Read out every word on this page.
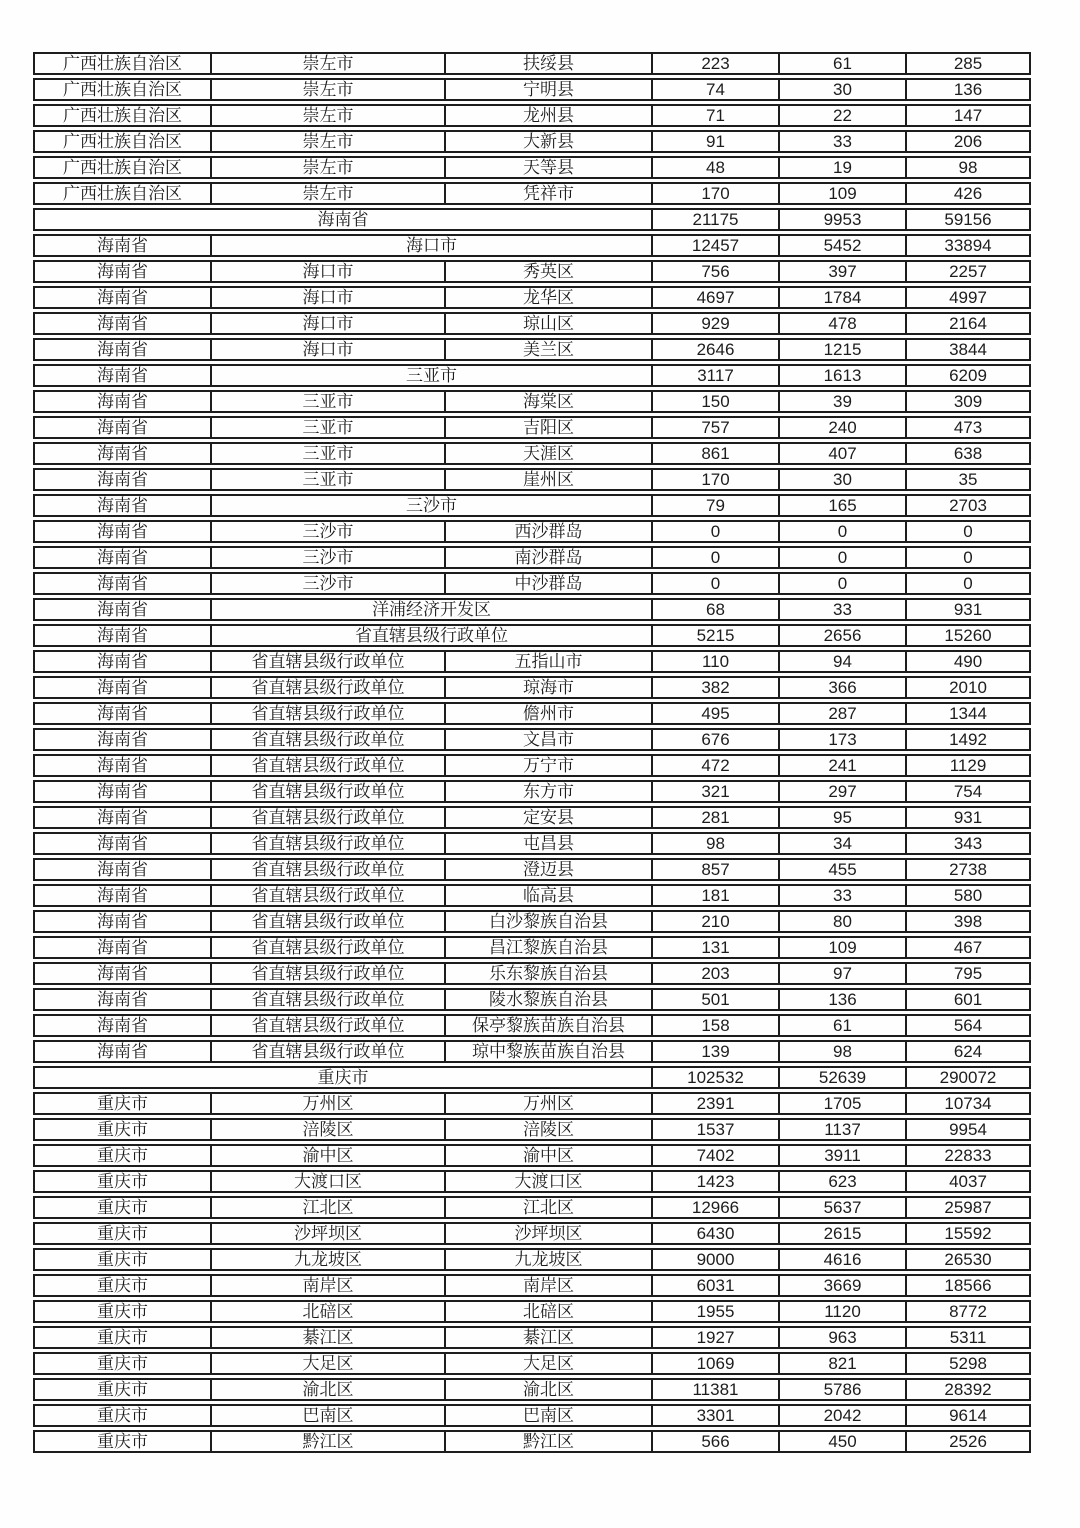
广西壮族自治区	崇左市	扶绥县	223	61	285
广西壮族自治区	崇左市	宁明县	74	30	136
广西壮族自治区	崇左市	龙州县	71	22	147
广西壮族自治区	崇左市	大新县	91	33	206
广西壮族自治区	崇左市	天等县	48	19	98
广西壮族自治区	崇左市	凭祥市	170	109	426
海南省			21175	9953	59156
海南省	海口市		12457	5452	33894
海南省	海口市	秀英区	756	397	2257
海南省	海口市	龙华区	4697	1784	4997
海南省	海口市	琼山区	929	478	2164
海南省	海口市	美兰区	2646	1215	3844
海南省	三亚市		3117	1613	6209
海南省	三亚市	海棠区	150	39	309
海南省	三亚市	吉阳区	757	240	473
海南省	三亚市	天涯区	861	407	638
海南省	三亚市	崖州区	170	30	35
海南省	三沙市		79	165	2703
海南省	三沙市	西沙群岛	0	0	0
海南省	三沙市	南沙群岛	0	0	0
海南省	三沙市	中沙群岛	0	0	0
海南省	洋浦经济开发区		68	33	931
海南省	省直辖县级行政单位		5215	2656	15260
海南省	省直辖县级行政单位	五指山市	110	94	490
海南省	省直辖县级行政单位	琼海市	382	366	2010
海南省	省直辖县级行政单位	儋州市	495	287	1344
海南省	省直辖县级行政单位	文昌市	676	173	1492
海南省	省直辖县级行政单位	万宁市	472	241	1129
海南省	省直辖县级行政单位	东方市	321	297	754
海南省	省直辖县级行政单位	定安县	281	95	931
海南省	省直辖县级行政单位	屯昌县	98	34	343
海南省	省直辖县级行政单位	澄迈县	857	455	2738
海南省	省直辖县级行政单位	临高县	181	33	580
海南省	省直辖县级行政单位	白沙黎族自治县	210	80	398
海南省	省直辖县级行政单位	昌江黎族自治县	131	109	467
海南省	省直辖县级行政单位	乐东黎族自治县	203	97	795
海南省	省直辖县级行政单位	陵水黎族自治县	501	136	601
海南省	省直辖县级行政单位	保亭黎族苗族自治县	158	61	564
海南省	省直辖县级行政单位	琼中黎族苗族自治县	139	98	624
重庆市			102532	52639	290072
重庆市	万州区	万州区	2391	1705	10734
重庆市	涪陵区	涪陵区	1537	1137	9954
重庆市	渝中区	渝中区	7402	3911	22833
重庆市	大渡口区	大渡口区	1423	623	4037
重庆市	江北区	江北区	12966	5637	25987
重庆市	沙坪坝区	沙坪坝区	6430	2615	15592
重庆市	九龙坡区	九龙坡区	9000	4616	26530
重庆市	南岸区	南岸区	6031	3669	18566
重庆市	北碚区	北碚区	1955	1120	8772
重庆市	綦江区	綦江区	1927	963	5311
重庆市	大足区	大足区	1069	821	5298
重庆市	渝北区	渝北区	11381	5786	28392
重庆市	巴南区	巴南区	3301	2042	9614
重庆市	黔江区	黔江区	566	450	2526
